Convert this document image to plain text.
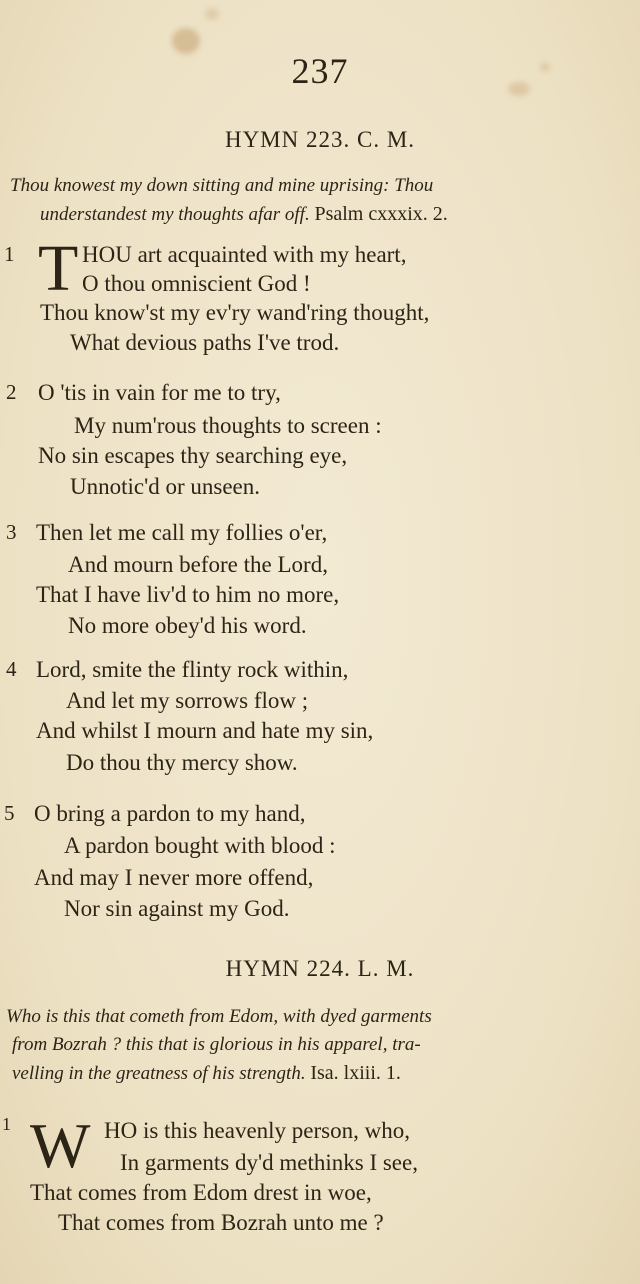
237
HYMN 223. C. M.
Thou knowest my down sitting and mine uprising: Thou
understandest my thoughts afar off. Psalm cxxxix. 2.
1 T HOU art acquainted with my heart,
O thou omniscient God !
Thou know'st my ev'ry wand'ring thought,
What devious paths I've trod.
2 O 'tis in vain for me to try,
My num'rous thoughts to screen :
No sin escapes thy searching eye,
Unnotic'd or unseen.
3 Then let me call my follies o'er,
And mourn before the Lord,
That I have liv'd to him no more,
No more obey'd his word.
4 Lord, smite the flinty rock within,
And let my sorrows flow ;
And whilst I mourn and hate my sin,
Do thou thy mercy show.
5 O bring a pardon to my hand,
A pardon bought with blood :
And may I never more offend,
Nor sin against my God.
HYMN 224. L. M.
Who is this that cometh from Edom, with dyed garments
from Bozrah ? this that is glorious in his apparel, tra-
velling in the greatness of his strength. Isa. lxiii. 1.
1 W HO is this heavenly person, who,
In garments dy'd methinks I see,
That comes from Edom drest in woe,
That comes from Bozrah unto me ?
